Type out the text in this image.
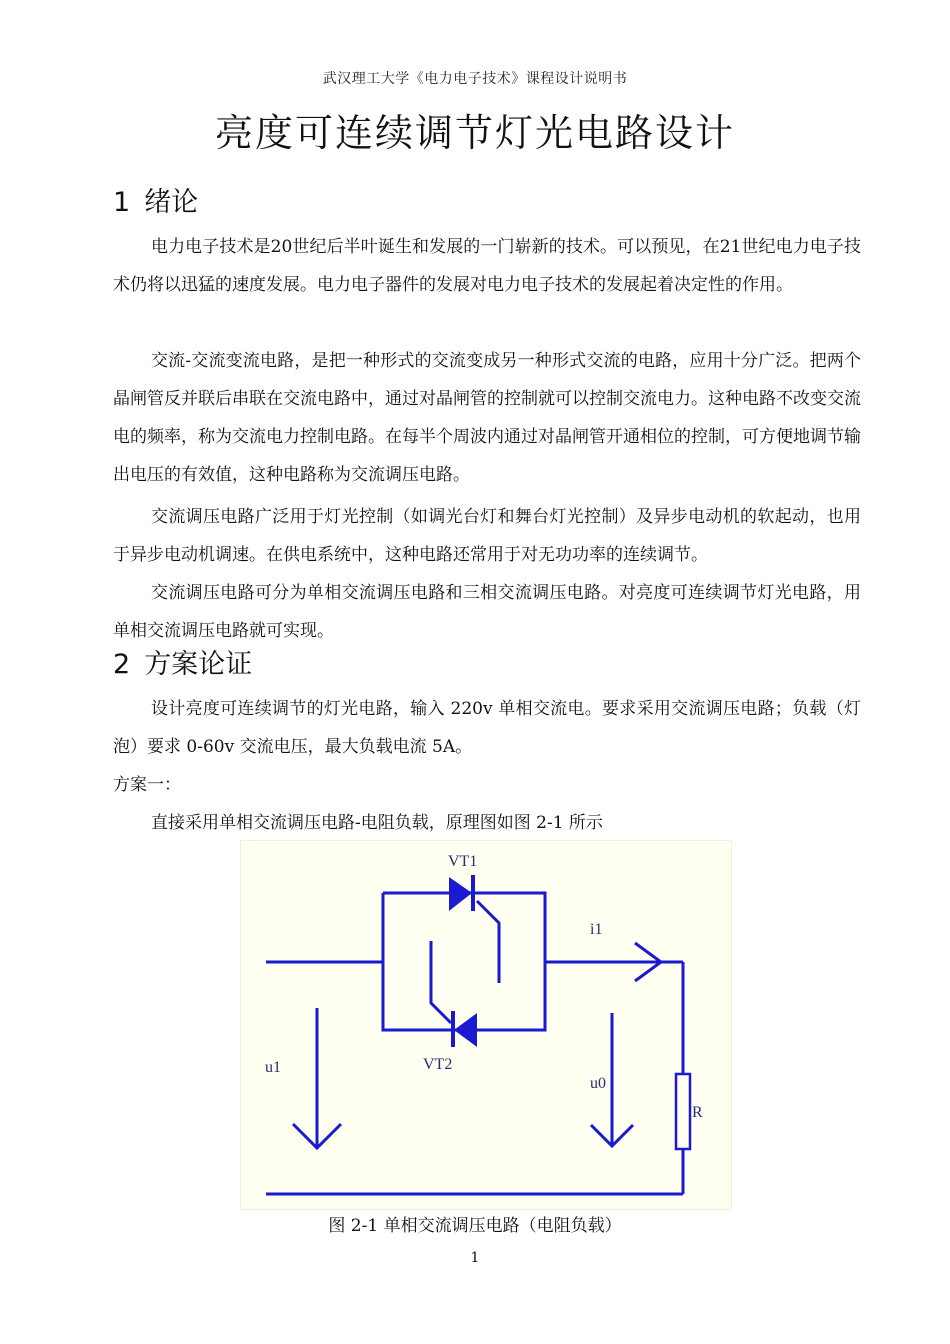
武汉理工大学《电力电子技术》课程设计说明书
亮度可连续调节灯光电路设计
1 绪论

电力电子技术是20世纪后半叶诞生和发展的一门崭新的技术。可以预见，在21世纪电力电子技术仍将以迅猛的速度发展。电力电子器件的发展对电力电子技术的发展起着决定性的作用。

交流-交流变流电路，是把一种形式的交流变成另一种形式交流的电路，应用十分广泛。把两个晶闸管反并联后串联在交流电路中，通过对晶闸管的控制就可以控制交流电力。这种电路不改变交流电的频率，称为交流电力控制电路。在每半个周波内通过对晶闸管开通相位的控制，可方便地调节输出电压的有效值，这种电路称为交流调压电路。

交流调压电路广泛用于灯光控制（如调光台灯和舞台灯光控制）及异步电动机的软起动，也用于异步电动机调速。在供电系统中，这种电路还常用于对无功功率的连续调节。

交流调压电路可分为单相交流调压电路和三相交流调压电路。对亮度可连续调节灯光电路，用单相交流调压电路就可实现。

2 方案论证

设计亮度可连续调节的灯光电路，输入 220v 单相交流电。要求采用交流调压电路；负载（灯泡）要求 0-60v 交流电压，最大负载电流 5A。

方案一：

直接采用单相交流调压电路-电阻负载，原理图如图 2-1 所示

VT1
VT2
i1
u1
u0
R
图 2-1 单相交流调压电路（电阻负载）
1
